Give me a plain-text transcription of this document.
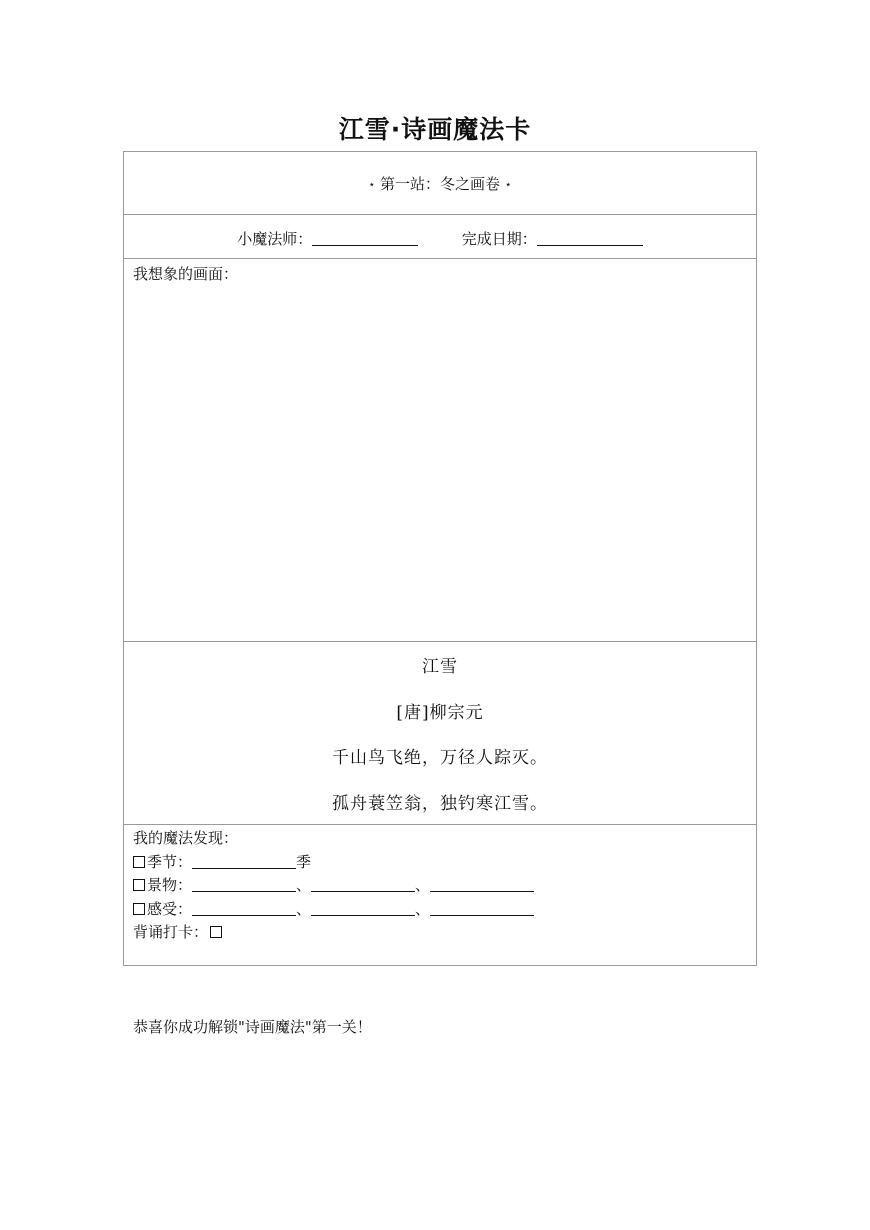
江雪·诗画魔法卡
⋆ 第一站：冬之画卷 ⋆
小魔法师：	完成日期：
我想象的画面：
江雪
[唐]柳宗元
千山鸟飞绝，万径人踪灭。
孤舟蓑笠翁，独钓寒江雪。
我的魔法发现：
季节：	季
景物：	、	、
感受：	、	、
背诵打卡：
恭喜你成功解锁"诗画魔法"第一关！
